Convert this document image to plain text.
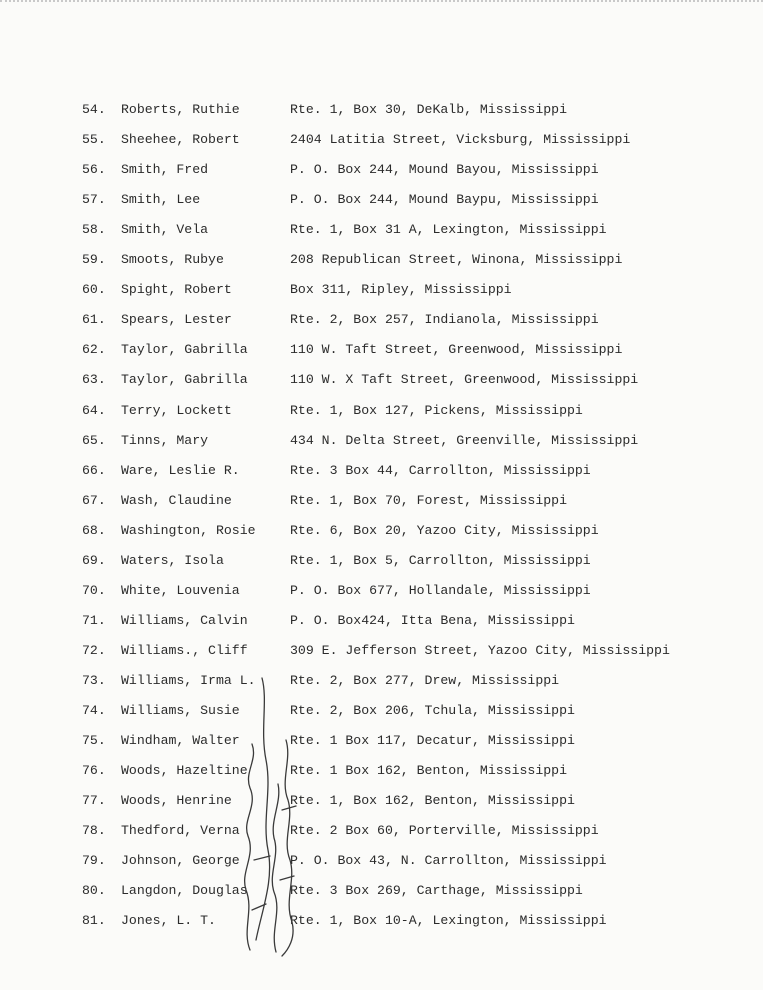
54. Roberts, Ruthie	Rte. 1, Box 30, DeKalb, Mississippi
55. Sheehee, Robert	2404 Latitia Street, Vicksburg, Mississippi
56. Smith, Fred	P. O. Box 244, Mound Bayou, Mississippi
57. Smith, Lee	P. O. Box 244, Mound Baypu, Mississippi
58. Smith, Vela	Rte. 1, Box 31 A, Lexington, Mississippi
59. Smoots, Rubye	208 Republican Street, Winona, Mississippi
60. Spight, Robert	Box 311, Ripley, Mississippi
61. Spears, Lester	Rte. 2, Box 257, Indianola, Mississippi
62. Taylor, Gabrilla	110 W. Taft Street, Greenwood, Mississippi
63. Taylor, Gabrilla	110 W. X Taft Street, Greenwood, Mississippi
64. Terry, Lockett	Rte. 1, Box 127, Pickens, Mississippi
65. Tinns, Mary	434 N. Delta Street, Greenville, Mississippi
66. Ware, Leslie R.	Rte. 3 Box 44, Carrollton, Mississippi
67. Wash, Claudine	Rte. 1, Box 70, Forest, Mississippi
68. Washington, Rosie	Rte. 6, Box 20, Yazoo City, Mississippi
69. Waters, Isola	Rte. 1, Box 5, Carrollton, Mississippi
70. White, Louvenia	P. O. Box 677, Hollandale, Mississippi
71. Williams, Calvin	P. O. Box424, Itta Bena, Mississippi
72. Williams., Cliff	309 E. Jefferson Street, Yazoo City, Mississippi
73. Williams, Irma L.	Rte. 2, Box 277, Drew, Mississippi
74. Williams, Susie	Rte. 2, Box 206, Tchula, Mississippi
75. Windham, Walter	Rte. 1 Box 117, Decatur, Mississippi
76. Woods, Hazeltine	Rte. 1 Box 162, Benton, Mississippi
77. Woods, Henrine	Rte. 1, Box 162, Benton, Mississippi
78. Thedford, Verna	Rte. 2 Box 60, Porterville, Mississippi
79. Johnson, George	P. O. Box 43, N. Carrollton, Mississippi
80. Langdon, Douglas	Rte. 3 Box 269, Carthage, Mississippi
81. Jones, L. T.	Rte. 1, Box 10-A, Lexington, Mississippi
